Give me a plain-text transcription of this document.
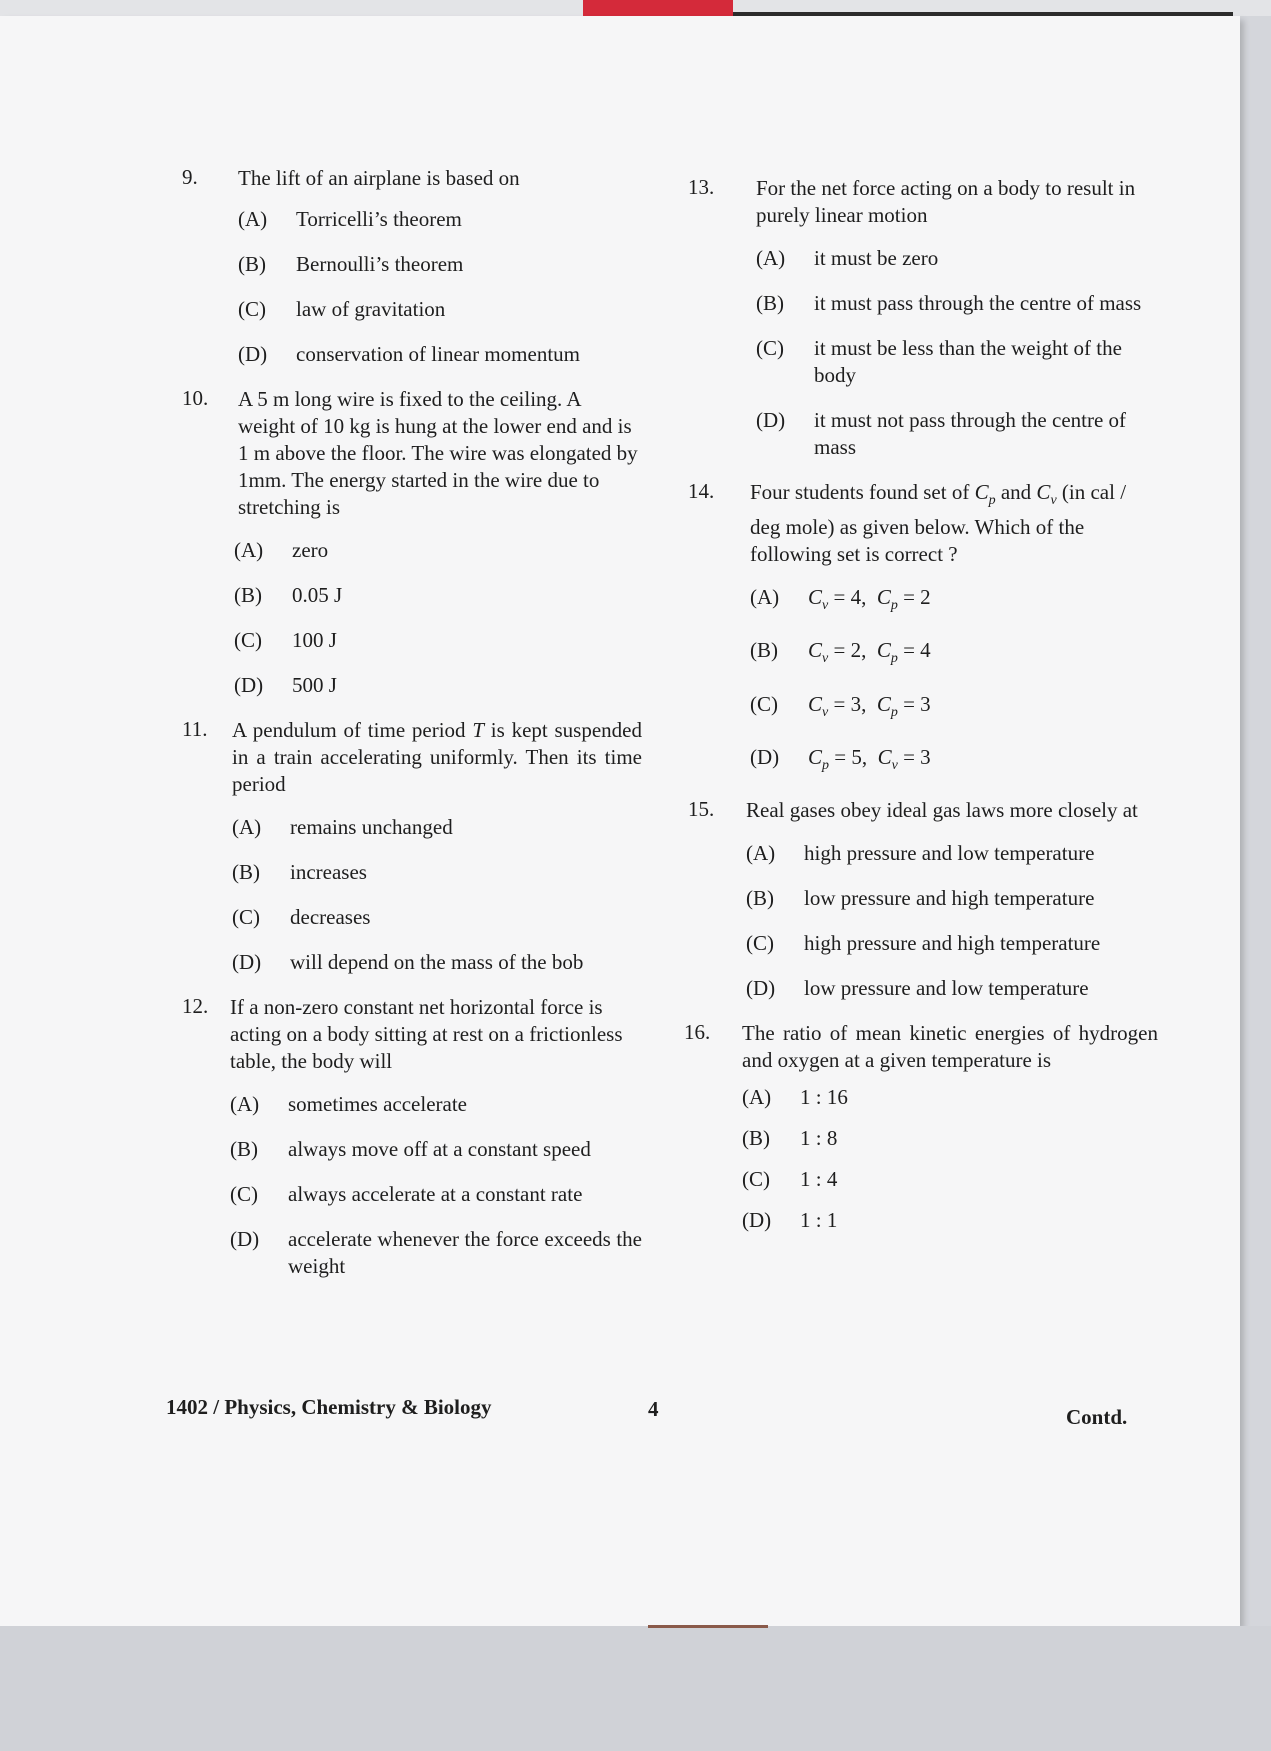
9. The lift of an airplane is based on
(A)	Torricelli’s theorem
(B)	Bernoulli’s theorem
(C)	law of gravitation
(D)	conservation of linear momentum
10. A 5 m long wire is fixed to the ceiling. A weight of 10 kg is hung at the lower end and is 1 m above the floor. The wire was elongated by 1mm. The energy started in the wire due to stretching is
(A)	zero
(B)	0.05 J
(C)	100 J
(D)	500 J
11. A pendulum of time period T is kept suspended in a train accelerating uniformly. Then its time period
(A)	remains unchanged
(B)	increases
(C)	decreases
(D)	will depend on the mass of the bob
12. If a non-zero constant net horizontal force is acting on a body sitting at rest on a frictionless table, the body will
(A)	sometimes accelerate
(B)	always move off at a constant speed
(C)	always accelerate at a constant rate
(D)	accelerate whenever the force exceeds the weight
13. For the net force acting on a body to result in purely linear motion
(A)	it must be zero
(B)	it must pass through the centre of mass
(C)	it must be less than the weight of the body
(D)	it must not pass through the centre of mass
14. Four students found set of $C_p$ and $C_v$ (in cal / deg mole) as given below. Which of the following set is correct ?
(A)	$C_v = 4$,  $C_p = 2$
(B)	$C_v = 2$,  $C_p = 4$
(C)	$C_v = 3$,  $C_p = 3$
(D)	$C_p = 5$,  $C_v = 3$
15. Real gases obey ideal gas laws more closely at
(A)	high pressure and low temperature
(B)	low pressure and high temperature
(C)	high pressure and high temperature
(D)	low pressure and low temperature
16. The ratio of mean kinetic energies of hydrogen and oxygen at a given temperature is
(A)	1 : 16
(B)	1 : 8
(C)	1 : 4
(D)	1 : 1
1402 / Physics, Chemistry & Biology	4	Contd.
